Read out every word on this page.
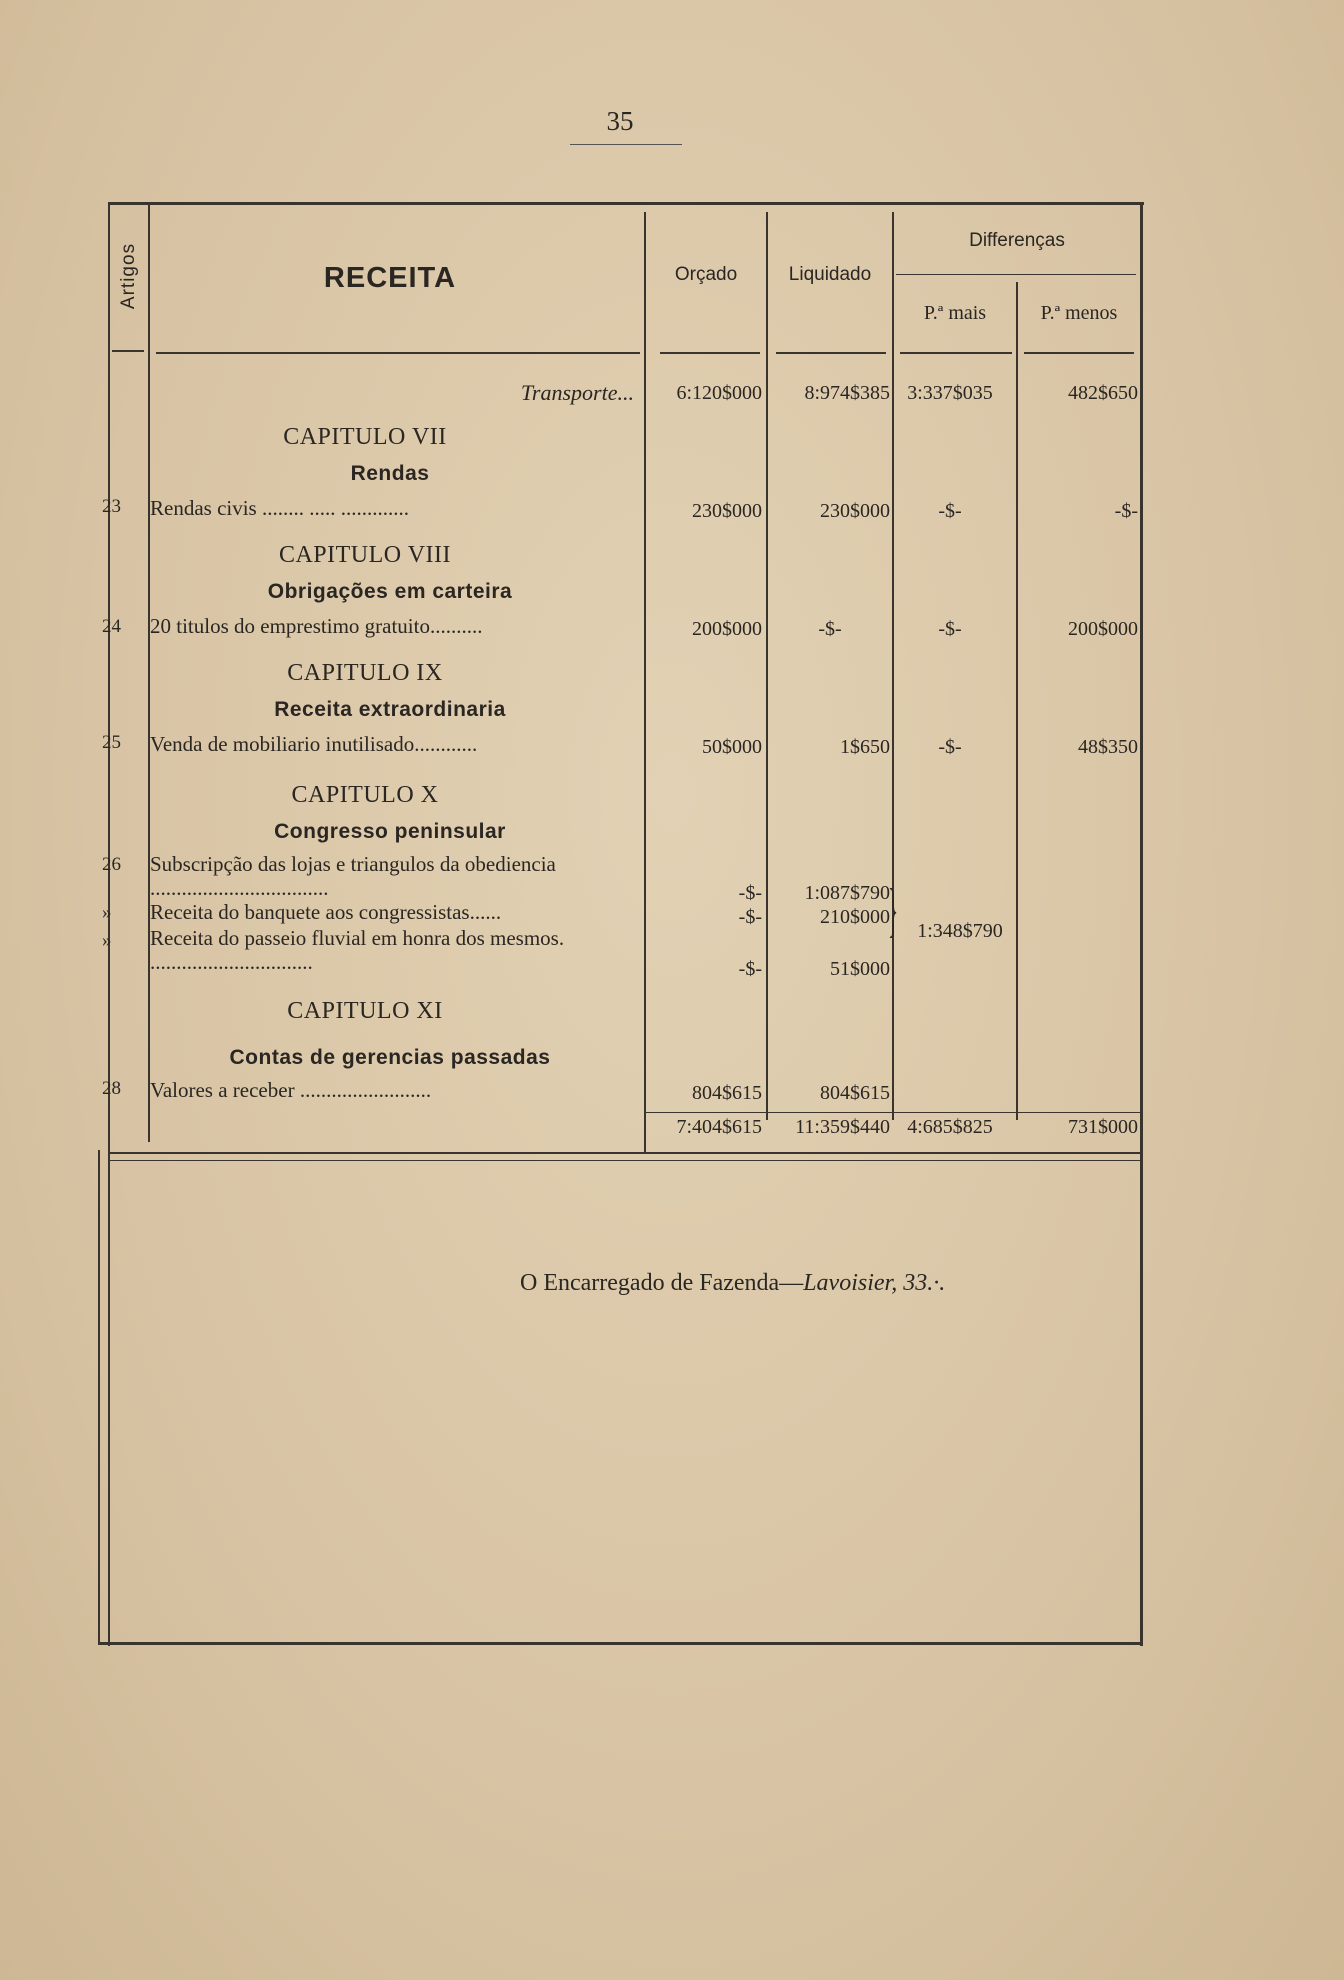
35
Artigos	RECEITA	Orçado	Liquidado
Differenças
P.ª mais	P.ª menos
Transporte...	6:120$000	8:974$385 3:337$035	482$650
CAPITULO VII
Rendas
23	Rendas civis ........ ..... .............	230$000	230$000	-$-	-$-
CAPITULO VIII
Obrigações em carteira
24	20 titulos do emprestimo gratuito..........	200$000	-$-	-$-	200$000
CAPITULO IX
Receita extraordinaria
25	Venda de mobiliario inutilisado............	50$000	1$650	-$-	48$350
CAPITULO X
Congresso peninsular
26	Subscripção das lojas e triangulos da obediencia ..................................	-$-	1:087$790
»	Receita do banquete aos congressistas......	-$-	210$000
»	Receita do passeio fluvial em honra dos mesmos. ...............................	-$-	51$000
} 1:348$790
CAPITULO XI
Contas de gerencias passadas
28	Valores a receber .........................	804$615	804$615
7:404$615	11:359$440 4:685$825	731$000
O Encarregado de Fazenda—Lavoisier, 33.·.
